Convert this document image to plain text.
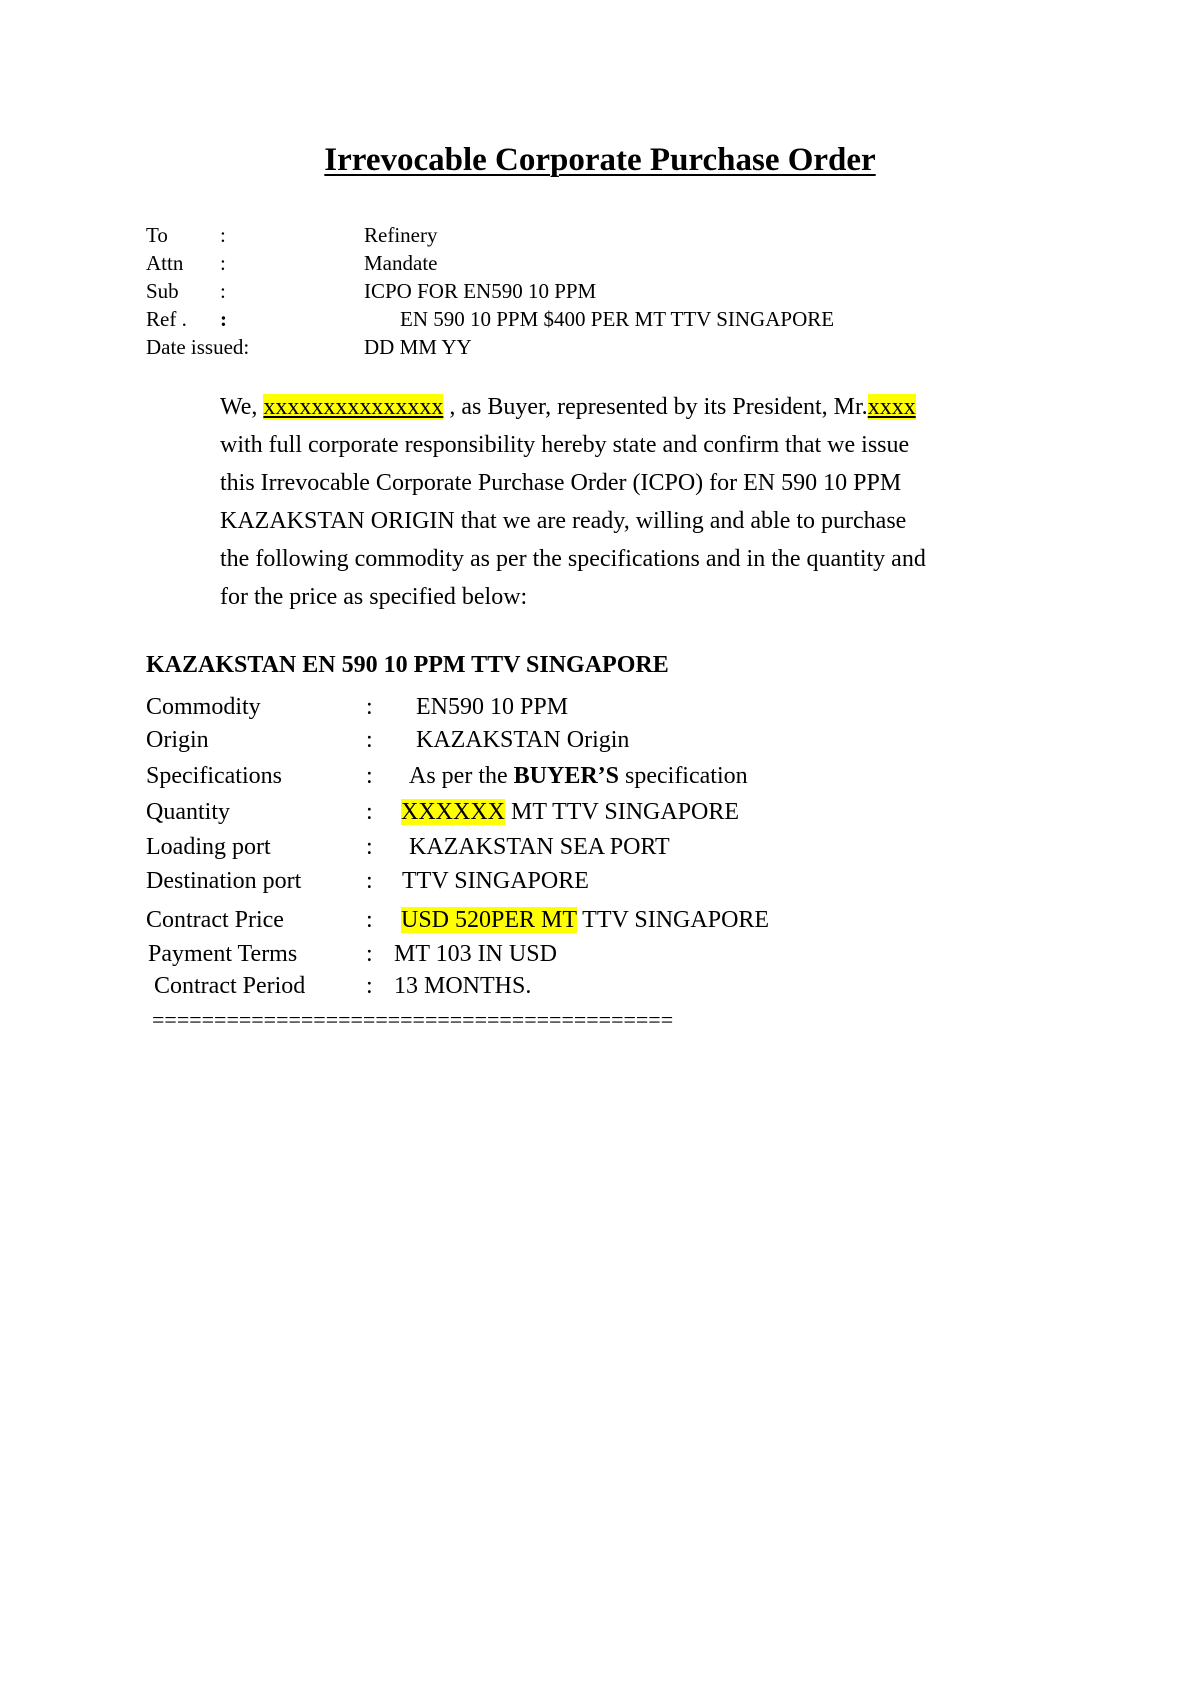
Irrevocable Corporate Purchase Order
To :	Refinery
Attn :	Mandate
Sub :	ICPO FOR EN590 10 PPM
Ref . :	EN 590 10 PPM $400 PER MT TTV SINGAPORE
Date issued:	DD MM YY
We, xxxxxxxxxxxxxxx , as Buyer, represented by its President, Mr.xxxx
with full corporate responsibility hereby state and confirm that we issue
this Irrevocable Corporate Purchase Order (ICPO) for EN 590 10 PPM
KAZAKSTAN ORIGIN that we are ready, willing and able to purchase
the following commodity as per the specifications and in the quantity and
for the price as specified below:
KAZAKSTAN EN 590 10 PPM TTV SINGAPORE
Commodity	: EN590 10 PPM
Origin	: KAZAKSTAN Origin
Specifications	: As per the BUYER’S specification
Quantity	: XXXXXX MT TTV SINGAPORE
Loading port	: KAZAKSTAN SEA PORT
Destination port	: TTV SINGAPORE
Contract Price	: USD 520PER MT TTV SINGAPORE
Payment Terms	: MT 103 IN USD
Contract Period	: 13 MONTHS.
==========================================
